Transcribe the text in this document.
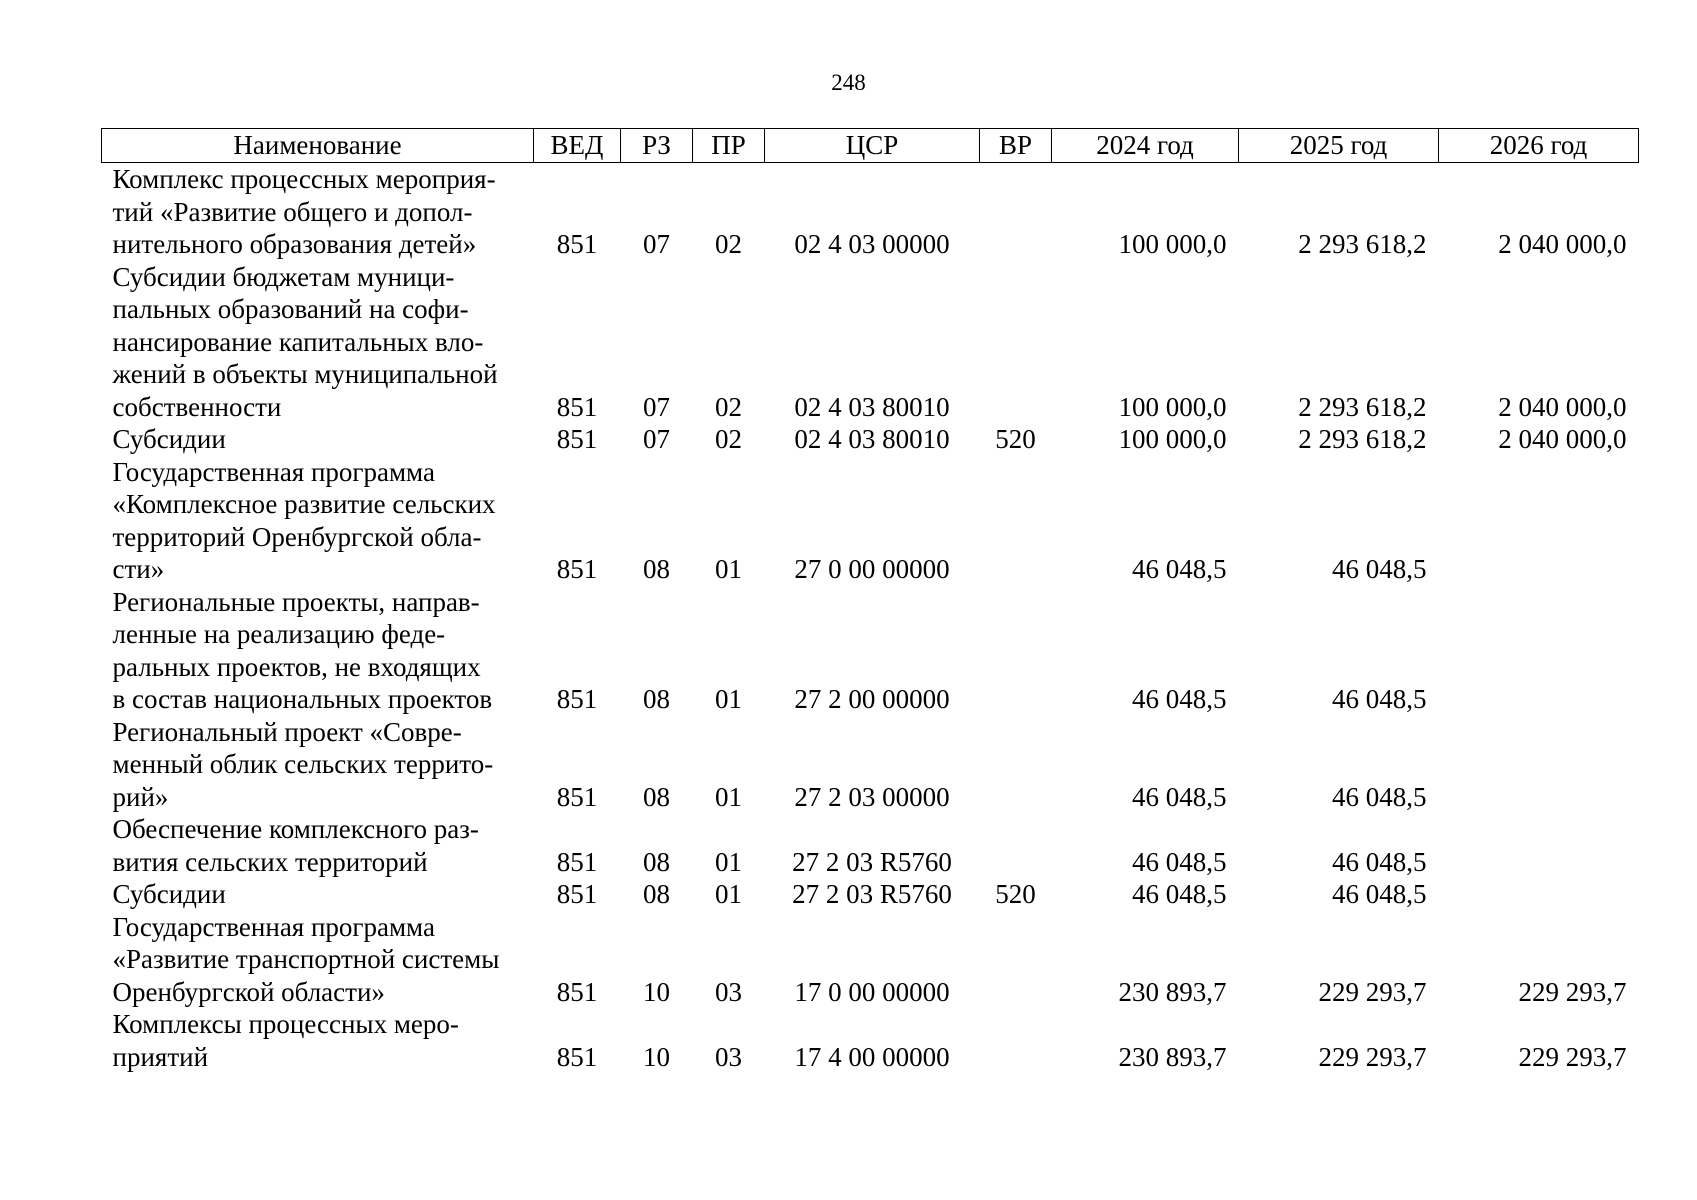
248
Наименование	ВЕД	РЗ	ПР	ЦСР	ВР	2024 год	2025 год	2026 год

Комплекс процессных мероприя-
тий «Развитие общего и допол-
нительного образования детей»	851	07	02	02 4 03 00000		100 000,0	2 293 618,2	2 040 000,0

Субсидии бюджетам муници-
пальных образований на софи-
нансирование капитальных вло-
жений в объекты муниципальной
собственности	851	07	02	02 4 03 80010		100 000,0	2 293 618,2	2 040 000,0

Субсидии	851	07	02	02 4 03 80010	520	100 000,0	2 293 618,2	2 040 000,0

Государственная программа
«Комплексное развитие сельских
территорий Оренбургской обла-
сти»	851	08	01	27 0 00 00000		46 048,5	46 048,5	

Региональные проекты, направ-
ленные на реализацию феде-
ральных проектов, не входящих
в состав национальных проектов	851	08	01	27 2 00 00000		46 048,5	46 048,5	

Региональный проект «Совре-
менный облик сельских террито-
рий»	851	08	01	27 2 03 00000		46 048,5	46 048,5	

Обеспечение комплексного раз-
вития сельских территорий	851	08	01	27 2 03 R5760		46 048,5	46 048,5	

Субсидии	851	08	01	27 2 03 R5760	520	46 048,5	46 048,5	

Государственная программа
«Развитие транспортной системы
Оренбургской области»	851	10	03	17 0 00 00000		230 893,7	229 293,7	229 293,7

Комплексы процессных меро-
приятий	851	10	03	17 4 00 00000		230 893,7	229 293,7	229 293,7
